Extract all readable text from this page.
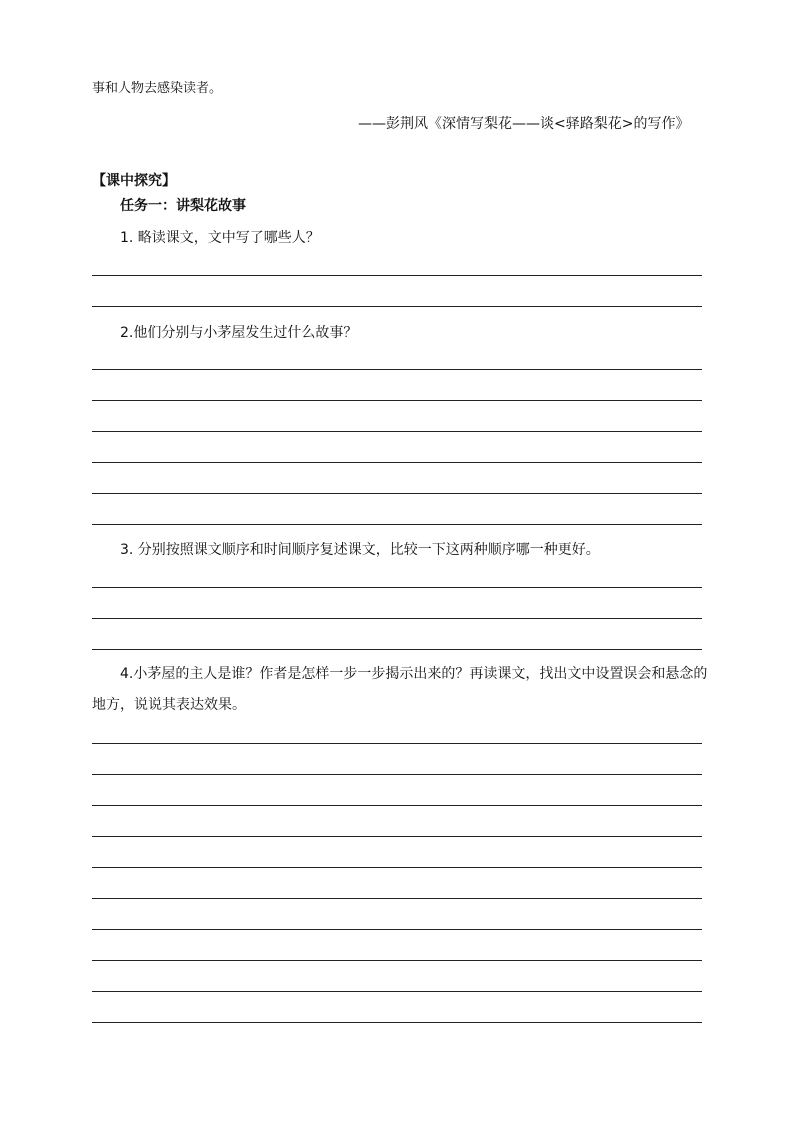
事和人物去感染读者。
——彭荆风《深情写梨花——谈<驿路梨花>的写作》
【课中探究】
任务一：讲梨花故事
1. 略读课文，文中写了哪些人？
2.他们分别与小茅屋发生过什么故事？
3. 分别按照课文顺序和时间顺序复述课文，比较一下这两种顺序哪一种更好。
4.小茅屋的主人是谁？作者是怎样一步一步揭示出来的？再读课文，找出文中设置误会和悬念的
地方，说说其表达效果。
